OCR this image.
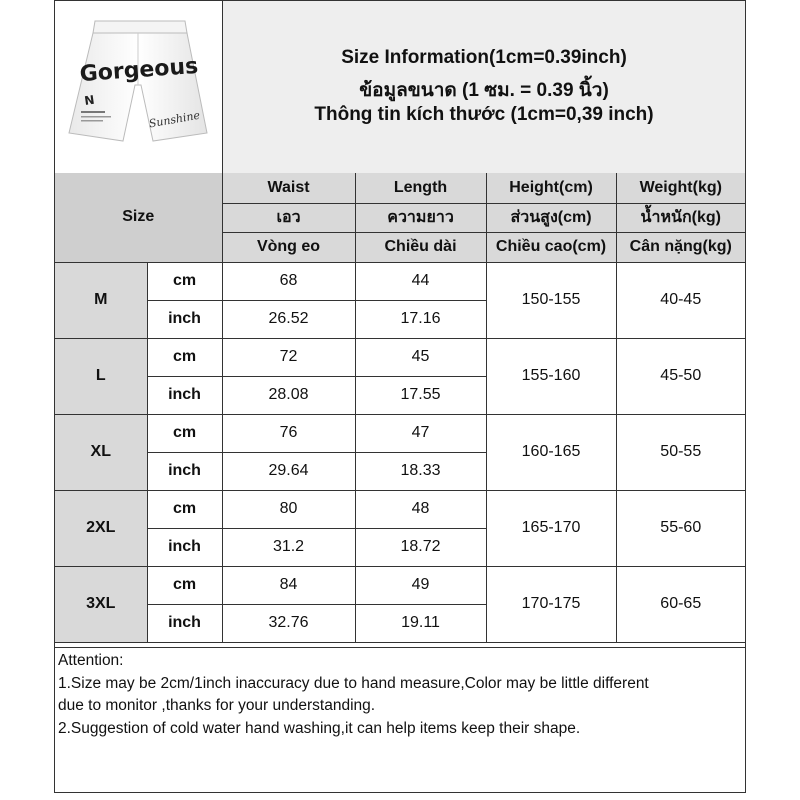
Gorgeous
N
Sunshine
Size Information(1cm=0.39inch)
ข้อมูลขนาด (1 ซม. = 0.39 นิ้ว)
Thông tin kích thước (1cm=0,39 inch)
Size		Waist	Length	Height(cm)	Weight(kg)
		เอว	ความยาว	ส่วนสูง(cm)	น้ำหนัก(kg)
		Vòng eo	Chiều dài	Chiều cao(cm)	Cân nặng(kg)
M	cm	68	44	150-155	40-45
	inch	26.52	17.16		
L	cm	72	45	155-160	45-50
	inch	28.08	17.55		
XL	cm	76	47	160-165	50-55
	inch	29.64	18.33		
2XL	cm	80	48	165-170	55-60
	inch	31.2	18.72		
3XL	cm	84	49	170-175	60-65
	inch	32.76	19.11		
Attention:
1.Size may be 2cm/1inch inaccuracy due to hand measure,Color may be little different
due to monitor ,thanks for your understanding.
2.Suggestion of cold water hand washing,it can help items keep their shape.
